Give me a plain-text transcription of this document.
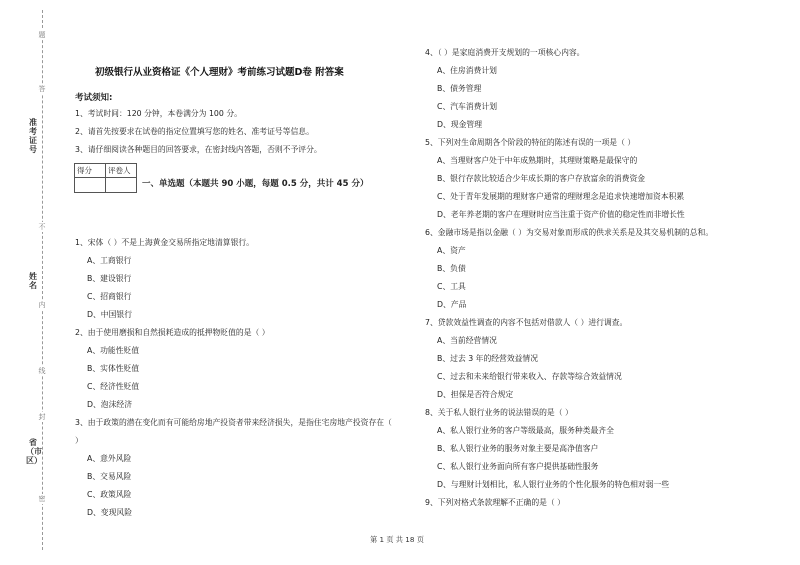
题
答
不
内
线
封
密
准考证号
姓名
省（市区）
初级银行从业资格证《个人理财》考前练习试题D卷 附答案
考试须知:
1、考试时间：120 分钟，本卷满分为 100 分。
2、请首先按要求在试卷的指定位置填写您的姓名、准考证号等信息。
3、请仔细阅读各种题目的回答要求，在密封线内答题，否则不予评分。
得分	评卷人

一、单选题（本题共 90 小题，每题 0.5 分，共计 45 分）
1、宋体（ ）不是上海黄金交易所指定地清算银行。
A、工商银行
B、建设银行
C、招商银行
D、中国银行
2、由于使用磨损和自然损耗造成的抵押物贬值的是（ ）
A、功能性贬值
B、实体性贬值
C、经济性贬值
D、泡沫经济
3、由于政策的潜在变化而有可能给房地产投资者带来经济损失，是指住宅房地产投资存在（
）
A、意外风险
B、交易风险
C、政策风险
D、变现风险
4、（ ）是家庭消费开支规划的一项核心内容。
A、住房消费计划
B、债务管理
C、汽车消费计划
D、现金管理
5、下列对生命周期各个阶段的特征的陈述有误的一项是（ ）
A、当理财客户处于中年成熟期时，其理财策略是最保守的
B、银行存款比较适合少年成长期的客户存放富余的消费资金
C、处于青年发展期的理财客户通常的理财理念是追求快速增加资本积累
D、老年养老期的客户在理财时应当注重于资产价值的稳定性而非增长性
6、金融市场是指以金融（ ）为交易对象而形成的供求关系是及其交易机制的总和。
A、资产
B、负债
C、工具
D、产品
7、贷款效益性调查的内容不包括对借款人（ ）进行调查。
A、当前经营情况
B、过去 3 年的经营效益情况
C、过去和未来给银行带来收入、存款等综合效益情况
D、担保是否符合规定
8、关于私人银行业务的说法错误的是（ ）
A、私人银行业务的客户等级最高，服务种类最齐全
B、私人银行业务的服务对象主要是高净值客户
C、私人银行业务面向所有客户提供基础性服务
D、与理财计划相比，私人银行业务的个性化服务的特色相对弱一些
9、下列对格式条款理解不正确的是（ ）
第 1 页 共 18 页
